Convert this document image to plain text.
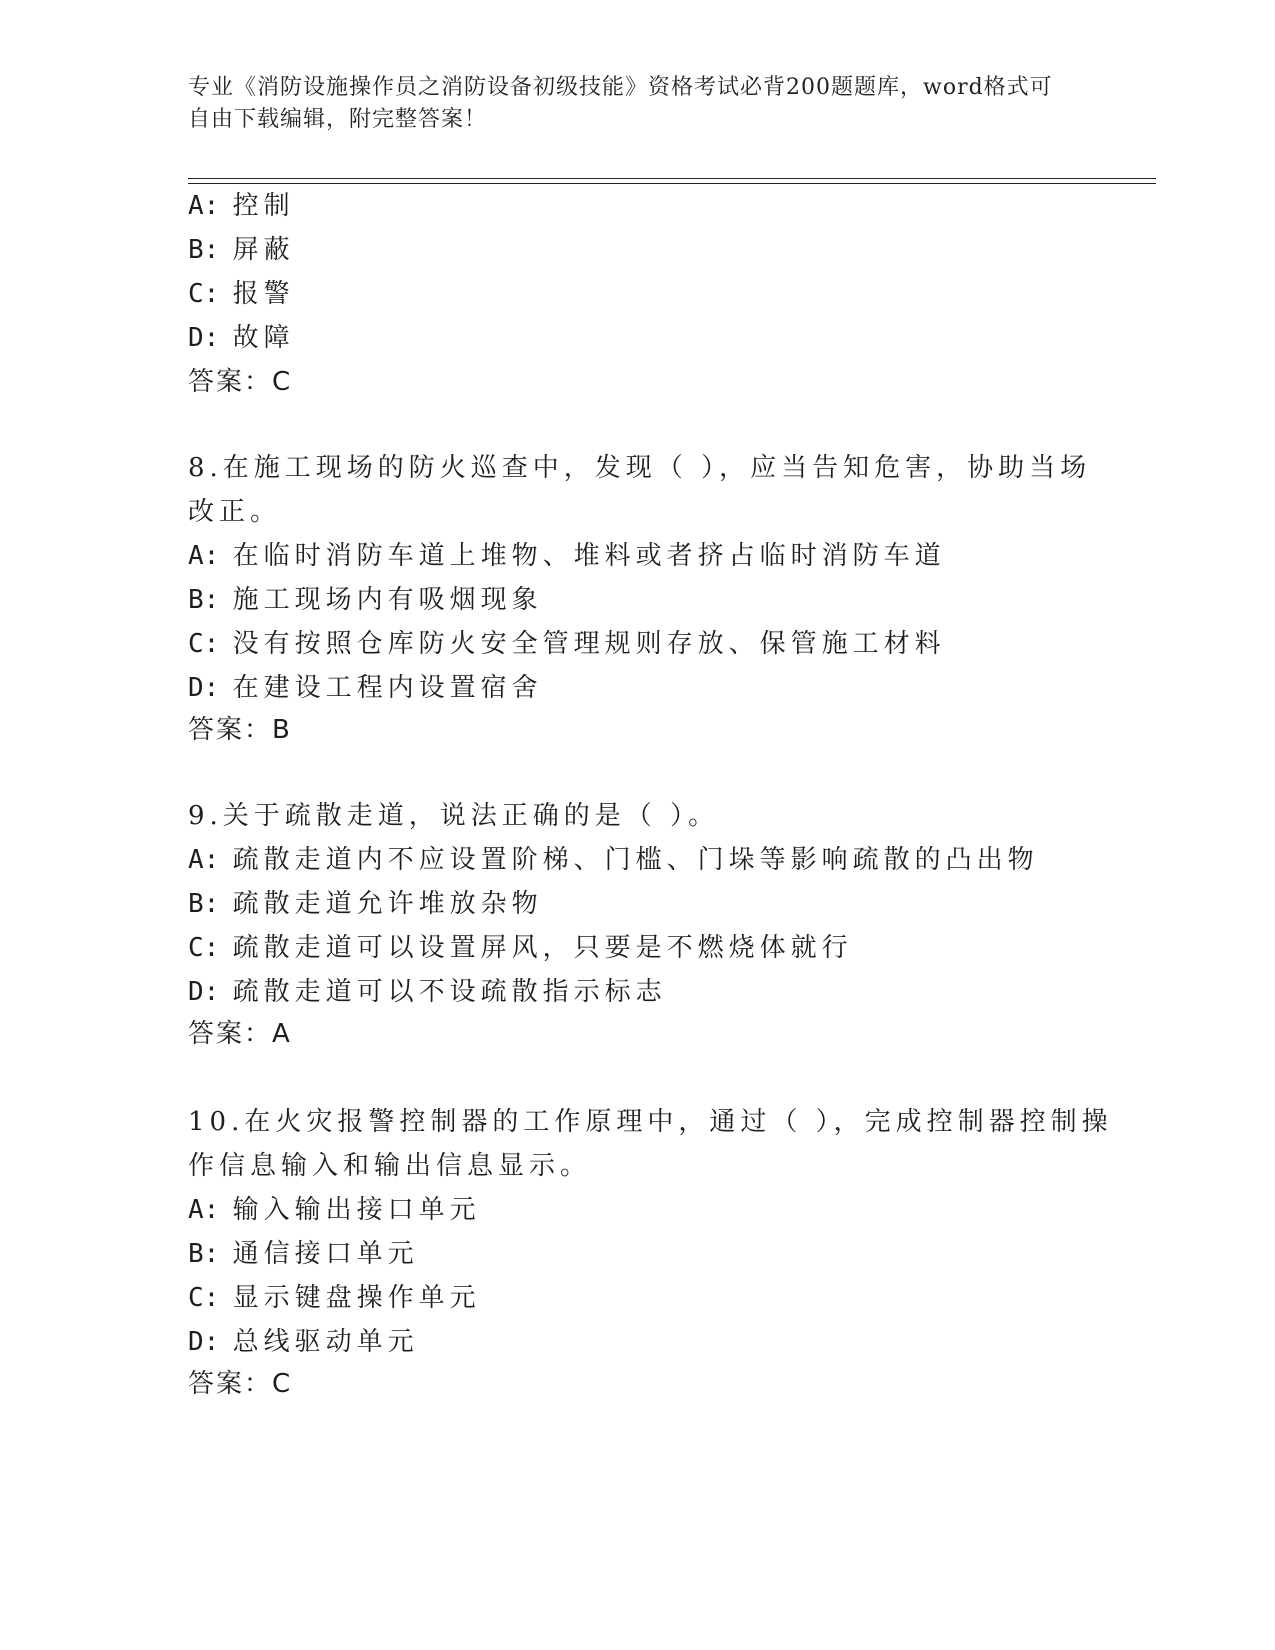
专业《消防设施操作员之消防设备初级技能》资格考试必背200题题库，word格式可自由下载编辑，附完整答案！
A: 控制
B: 屏蔽
C: 报警
D: 故障
答案：C
8.在施工现场的防火巡查中，发现（ ），应当告知危害，协助当场
改正。
A: 在临时消防车道上堆物、堆料或者挤占临时消防车道
B: 施工现场内有吸烟现象
C: 没有按照仓库防火安全管理规则存放、保管施工材料
D: 在建设工程内设置宿舍
答案：B
9.关于疏散走道，说法正确的是（ ）。
A: 疏散走道内不应设置阶梯、门槛、门垛等影响疏散的凸出物
B: 疏散走道允许堆放杂物
C: 疏散走道可以设置屏风，只要是不燃烧体就行
D: 疏散走道可以不设疏散指示标志
答案：A
10.在火灾报警控制器的工作原理中，通过（ ），完成控制器控制操
作信息输入和输出信息显示。
A: 输入输出接口单元
B: 通信接口单元
C: 显示键盘操作单元
D: 总线驱动单元
答案：C
